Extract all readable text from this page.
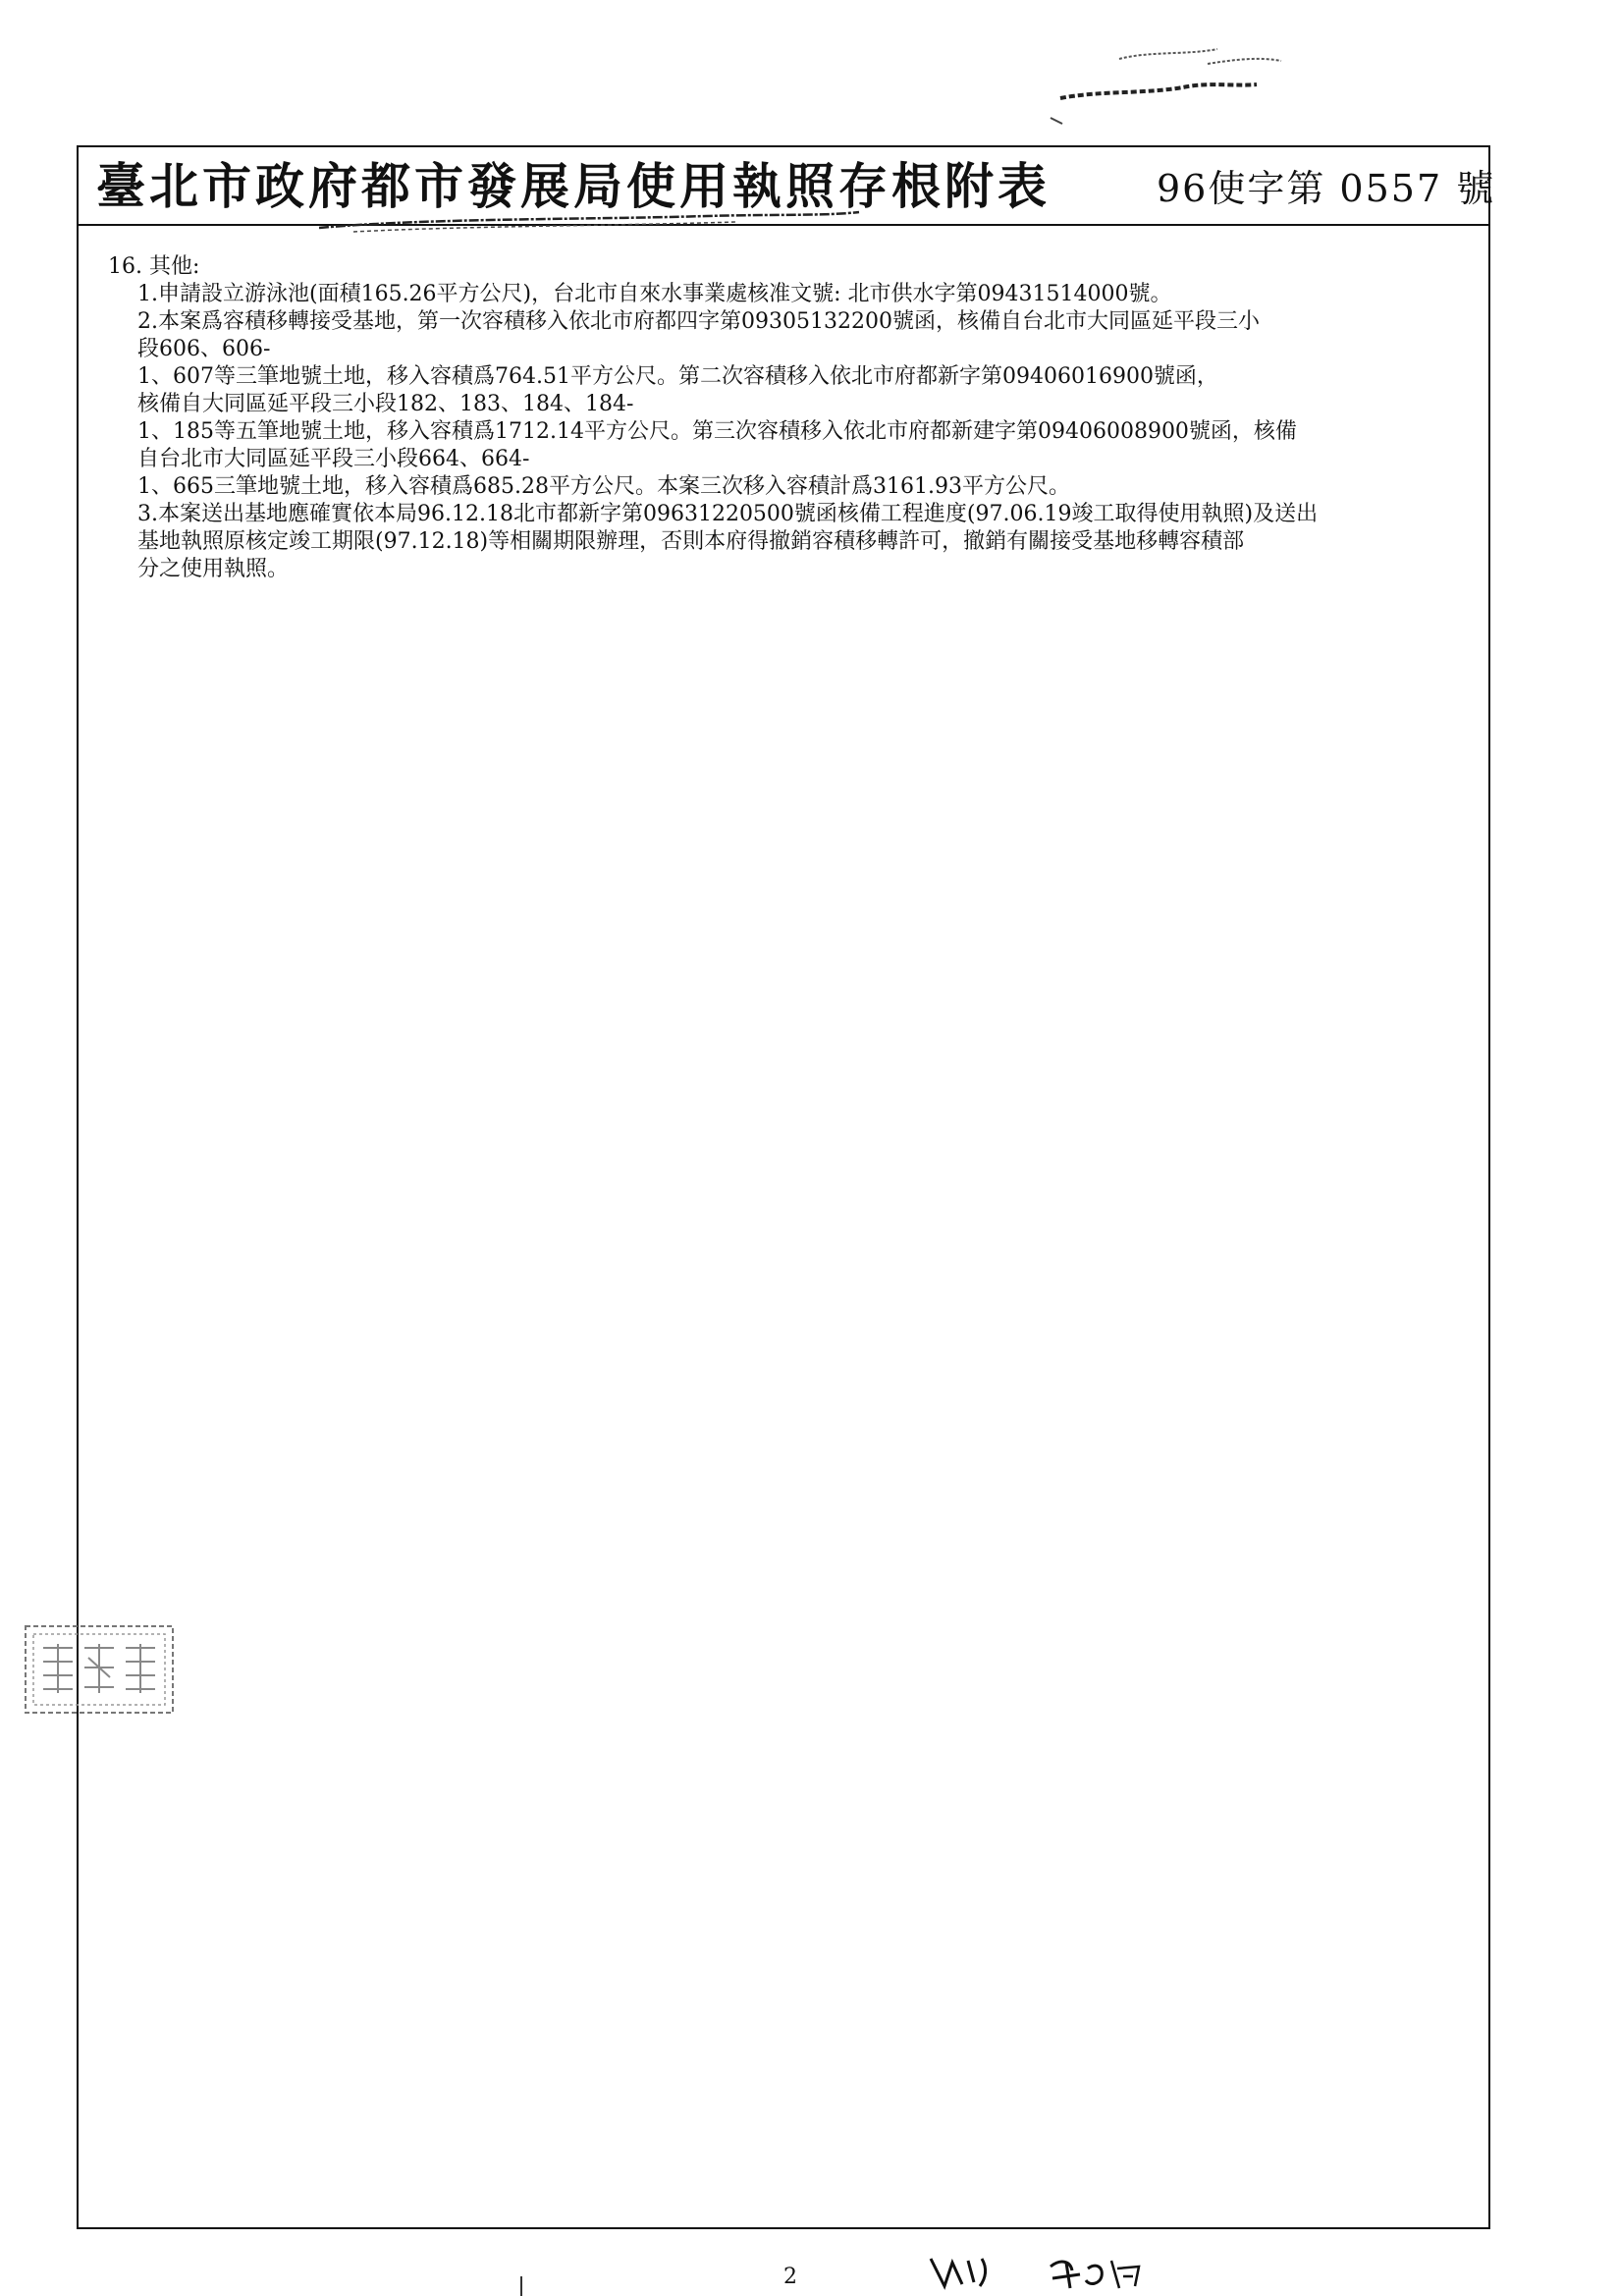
臺北市政府都市發展局使用執照存根附表	96使字第 0557 號

16. 其他:

1.申請設立游泳池(面積165.26平方公尺)，台北市自來水事業處核准文號: 北市供水字第09431514000號。

2.本案爲容積移轉接受基地，第一次容積移入依北市府都四字第09305132200號函，核備自台北市大同區延平段三小

段606、606-

1、607等三筆地號土地，移入容積爲764.51平方公尺。第二次容積移入依北市府都新字第09406016900號函，

核備自大同區延平段三小段182、183、184、184-

1、185等五筆地號土地，移入容積爲1712.14平方公尺。第三次容積移入依北市府都新建字第09406008900號函，核備

自台北市大同區延平段三小段664、664-

1、665三筆地號土地，移入容積爲685.28平方公尺。本案三次移入容積計爲3161.93平方公尺。

3.本案送出基地應確實依本局96.12.18北市都新字第09631220500號函核備工程進度(97.06.19竣工取得使用執照)及送出

基地執照原核定竣工期限(97.12.18)等相關期限辦理，否則本府得撤銷容積移轉許可，撤銷有關接受基地移轉容積部

分之使用執照。

2
